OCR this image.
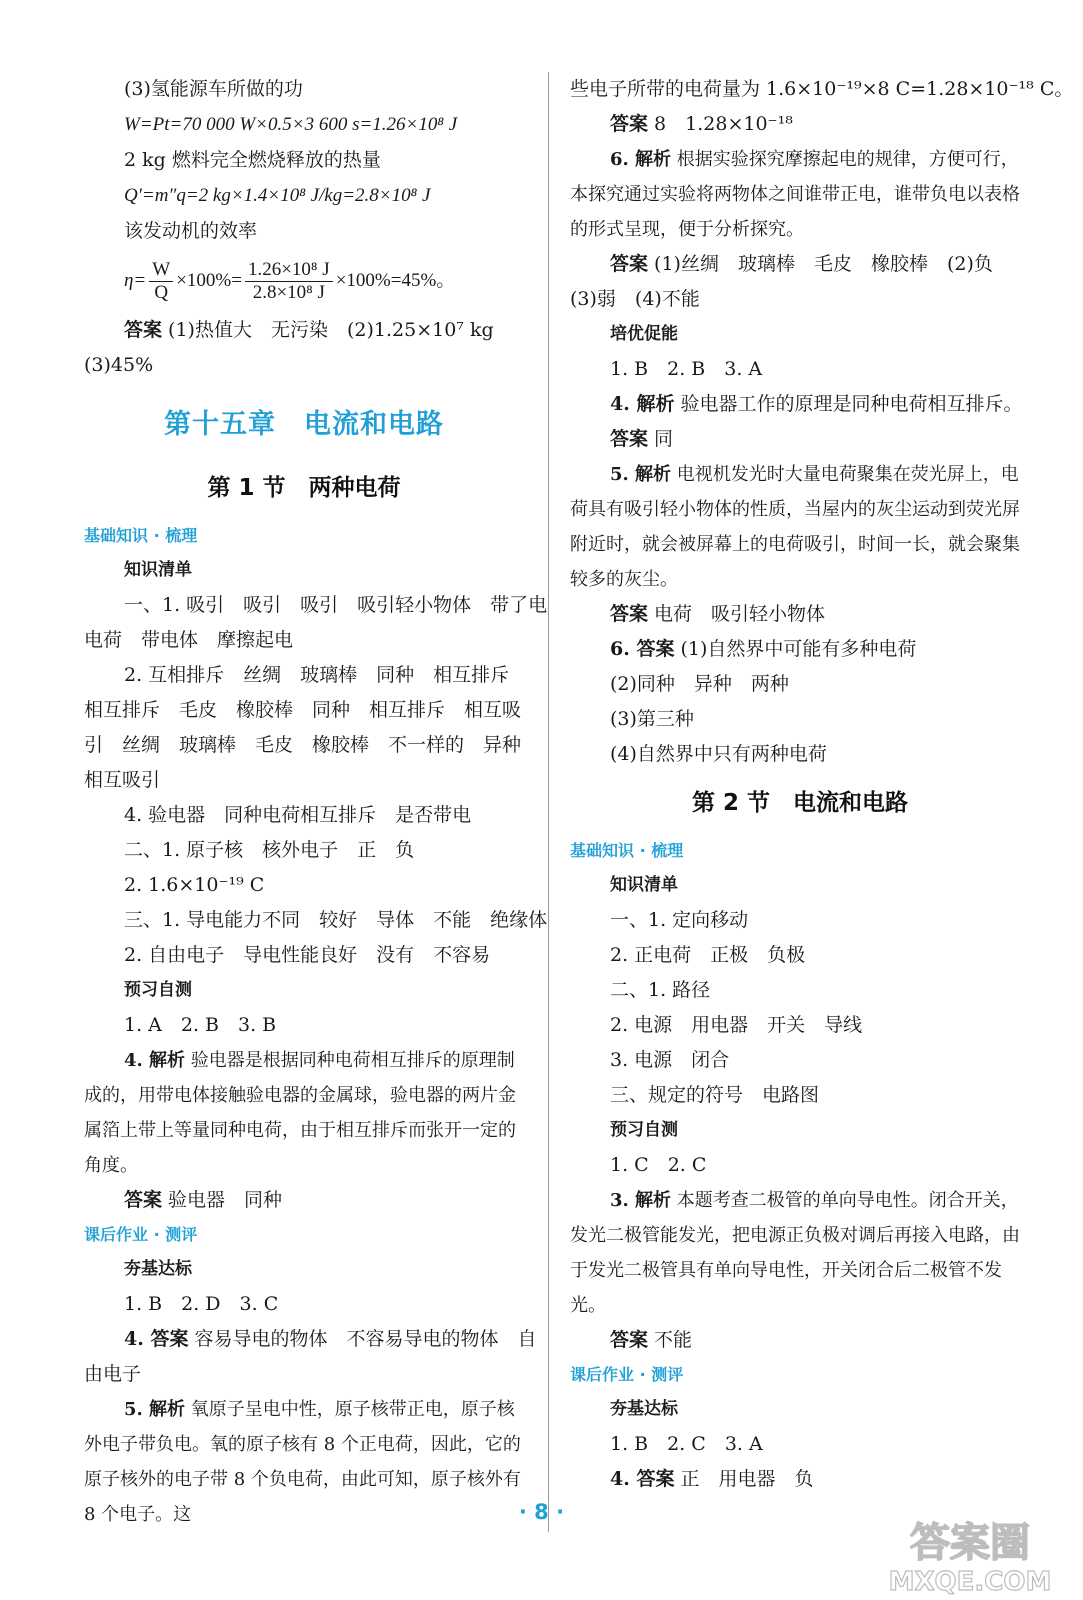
(3)氢能源车所做的功
W=Pt=70 000 W×0.5×3 600 s=1.26×10⁸ J
2 kg 燃料完全燃烧释放的热量
Q′=m″q=2 kg×1.4×10⁸ J/kg=2.8×10⁸ J
该发动机的效率
$\eta= \frac{W}{Q} \times 100\%= \frac{\text{1.26×10⁸ J}}{\text{2.8×10⁸ J}} \times 100\%=45\%$。
答案 (1)热值大　无污染　(2)1.25×10⁷ kg
(3)45%
第十五章　电流和电路
第 1 节　两种电荷
基础知识 · 梳理
知识清单
一、1. 吸引　吸引　吸引　吸引轻小物体　带了电
电荷　带电体　摩擦起电
2. 互相排斥　丝绸　玻璃棒　同种　相互排斥
相互排斥　毛皮　橡胶棒　同种　相互排斥　相互吸
引　丝绸　玻璃棒　毛皮　橡胶棒　不一样的　异种
相互吸引
4. 验电器　同种电荷相互排斥　是否带电
二、1. 原子核　核外电子　正　负
2. 1.6×10⁻¹⁹ C
三、1. 导电能力不同　较好　导体　不能　绝缘体
2. 自由电子　导电性能良好　没有　不容易
预习自测
1. A　2. B　3. B
4. 解析 验电器是根据同种电荷相互排斥的原理制成的，用带电体接触验电器的金属球，验电器的两片金属箔上带上等量同种电荷，由于相互排斥而张开一定的角度。
答案 验电器　同种
课后作业 · 测评
夯基达标
1. B　2. D　3. C
4. 答案 容易导电的物体　不容易导电的物体　自
由电子
5. 解析 氧原子呈电中性，原子核带正电，原子核外电子带负电。氧的原子核有 8 个正电荷，因此，它的原子核外的电子带 8 个负电荷，由此可知，原子核外有 8 个电子。这
些电子所带的电荷量为 1.6×10⁻¹⁹×8 C=1.28×10⁻¹⁸ C。
答案 8　1.28×10⁻¹⁸
6. 解析 根据实验探究摩擦起电的规律，方便可行，本探究通过实验将两物体之间谁带正电，谁带负电以表格的形式呈现，便于分析探究。
答案 (1)丝绸　玻璃棒　毛皮　橡胶棒　(2)负
(3)弱　(4)不能
培优促能
1. B　2. B　3. A
4. 解析 验电器工作的原理是同种电荷相互排斥。
答案 同
5. 解析 电视机发光时大量电荷聚集在荧光屏上，电荷具有吸引轻小物体的性质，当屋内的灰尘运动到荧光屏附近时，就会被屏幕上的电荷吸引，时间一长，就会聚集较多的灰尘。
答案 电荷　吸引轻小物体
6. 答案 (1)自然界中可能有多种电荷
(2)同种　异种　两种
(3)第三种
(4)自然界中只有两种电荷
第 2 节　电流和电路
基础知识 · 梳理
知识清单
一、1. 定向移动
2. 正电荷　正极　负极
二、1. 路径
2. 电源　用电器　开关　导线
3. 电源　闭合
三、规定的符号　电路图
预习自测
1. C　2. C
3. 解析 本题考查二极管的单向导电性。闭合开关，发光二极管能发光，把电源正负极对调后再接入电路，由于发光二极管具有单向导电性，开关闭合后二极管不发光。
答案 不能
课后作业 · 测评
夯基达标
1. B　2. C　3. A
4. 答案 正　用电器　负
· 8 ·
答案圈
MXQE.COM
